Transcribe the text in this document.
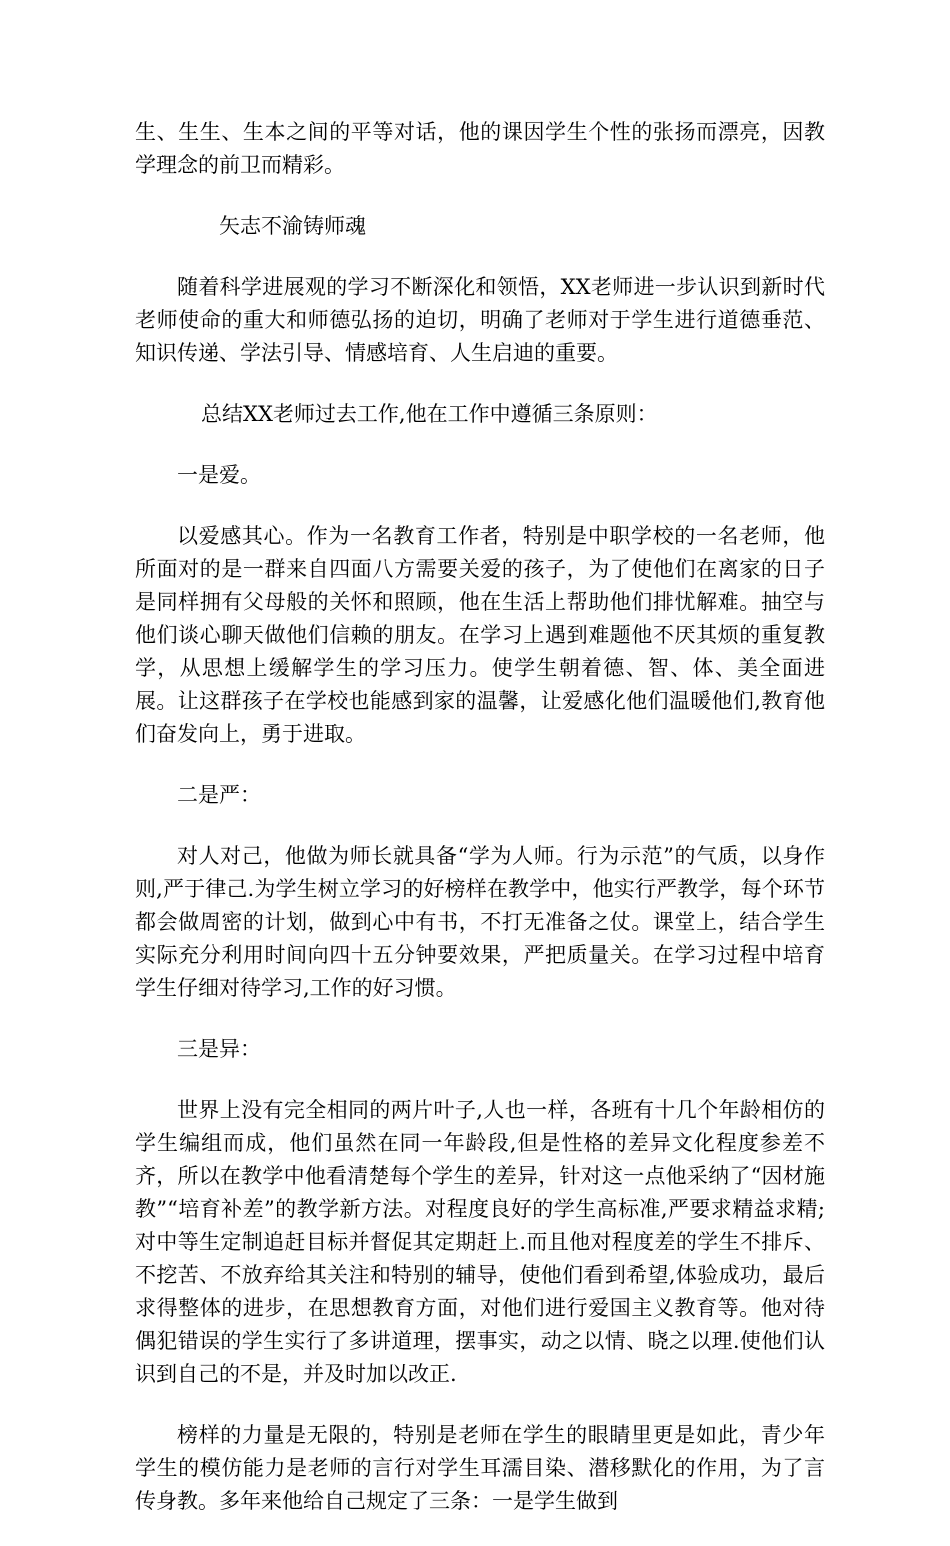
生、生生、生本之间的平等对话，他的课因学生个性的张扬而漂亮，因教学理念的前卫而精彩。

矢志不渝铸师魂

随着科学进展观的学习不断深化和领悟，XX老师进一步认识到新时代老师使命的重大和师德弘扬的迫切，明确了老师对于学生进行道德垂范、知识传递、学法引导、情感培育、人生启迪的重要。

总结XX老师过去工作,他在工作中遵循三条原则：

一是爱。

以爱感其心。作为一名教育工作者，特别是中职学校的一名老师，他所面对的是一群来自四面八方需要关爱的孩子，为了使他们在离家的日子是同样拥有父母般的关怀和照顾，他在生活上帮助他们排忧解难。抽空与他们谈心聊天做他们信赖的朋友。在学习上遇到难题他不厌其烦的重复教学，从思想上缓解学生的学习压力。使学生朝着德、智、体、美全面进展。让这群孩子在学校也能感到家的温馨，让爱感化他们温暖他们,教育他们奋发向上，勇于进取。

二是严：

对人对己，他做为师长就具备“学为人师。行为示范”的气质，以身作则,严于律己.为学生树立学习的好榜样在教学中，他实行严教学，每个环节都会做周密的计划，做到心中有书，不打无准备之仗。课堂上，结合学生实际充分利用时间向四十五分钟要效果，严把质量关。在学习过程中培育学生仔细对待学习,工作的好习惯。

三是异：

世界上没有完全相同的两片叶子,人也一样，各班有十几个年龄相仿的学生编组而成，他们虽然在同一年龄段,但是性格的差异文化程度参差不齐，所以在教学中他看清楚每个学生的差异，针对这一点他采纳了“因材施教”“培育补差”的教学新方法。对程度良好的学生高标准,严要求精益求精;对中等生定制追赶目标并督促其定期赶上.而且他对程度差的学生不排斥、不挖苦、不放弃给其关注和特别的辅导，使他们看到希望,体验成功，最后求得整体的进步，在思想教育方面，对他们进行爱国主义教育等。他对待偶犯错误的学生实行了多讲道理，摆事实，动之以情、晓之以理.使他们认识到自己的不是，并及时加以改正.

榜样的力量是无限的，特别是老师在学生的眼睛里更是如此，青少年学生的模仿能力是老师的言行对学生耳濡目染、潜移默化的作用，为了言传身教。多年来他给自己规定了三条：一是学生做到
